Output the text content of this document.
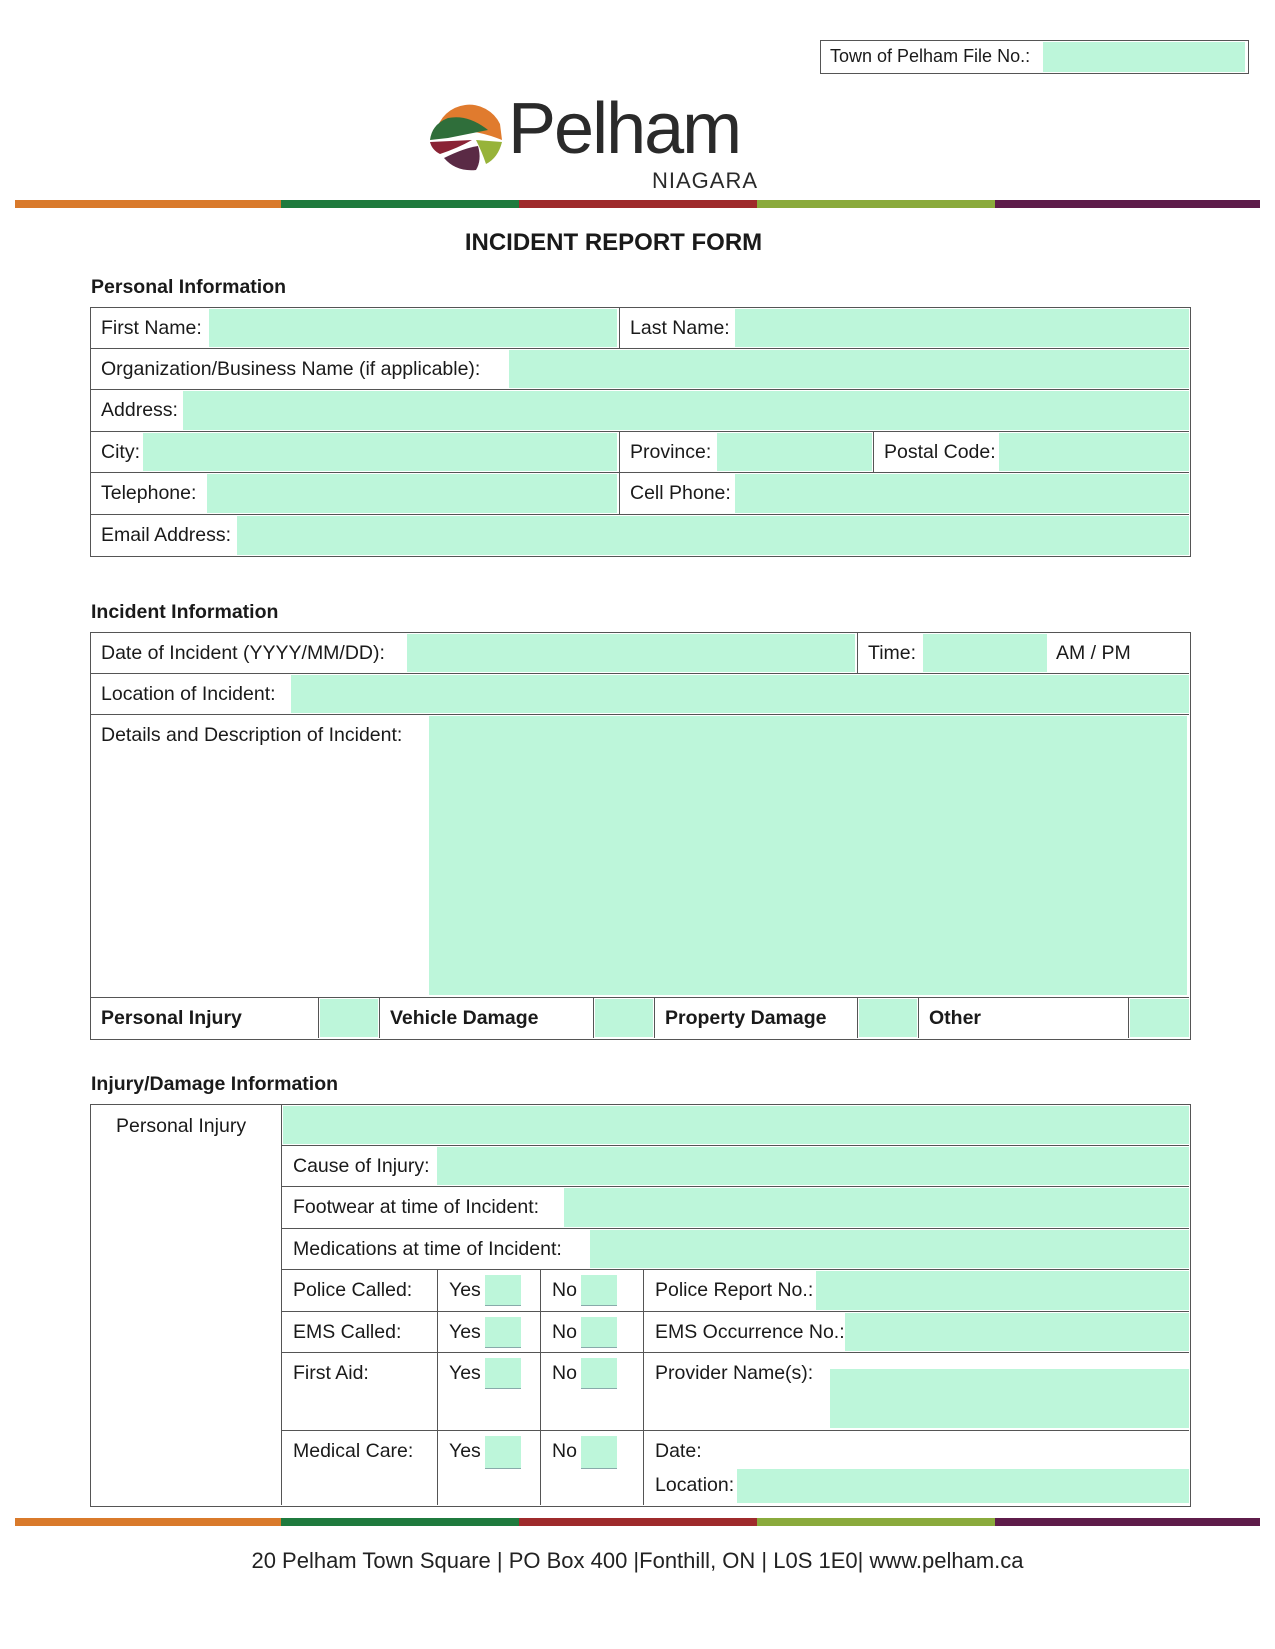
Town of Pelham File No.:
Pelham
NIAGARA
INCIDENT REPORT FORM
Personal Information
First Name:	Last Name:
Organization/Business Name (if applicable):
Address:
City:	Province:	Postal Code:
Telephone:	Cell Phone:
Email Address:
Incident Information
Date of Incident (YYYY/MM/DD):	Time:	AM / PM
Location of Incident:
Details and Description of Incident:
Personal Injury	Vehicle Damage	Property Damage	Other
Injury/Damage Information
Personal Injury
Cause of Injury:
Footwear at time of Incident:
Medications at time of Incident:
Police Called: Yes	No	Police Report No.:
EMS Called: Yes	No	EMS Occurrence No.:
First Aid:	Yes	No	Provider Name(s):
Medical Care: Yes	No	Date:
Location:
20 Pelham Town Square | PO Box 400 |Fonthill, ON | L0S 1E0| www.pelham.ca
